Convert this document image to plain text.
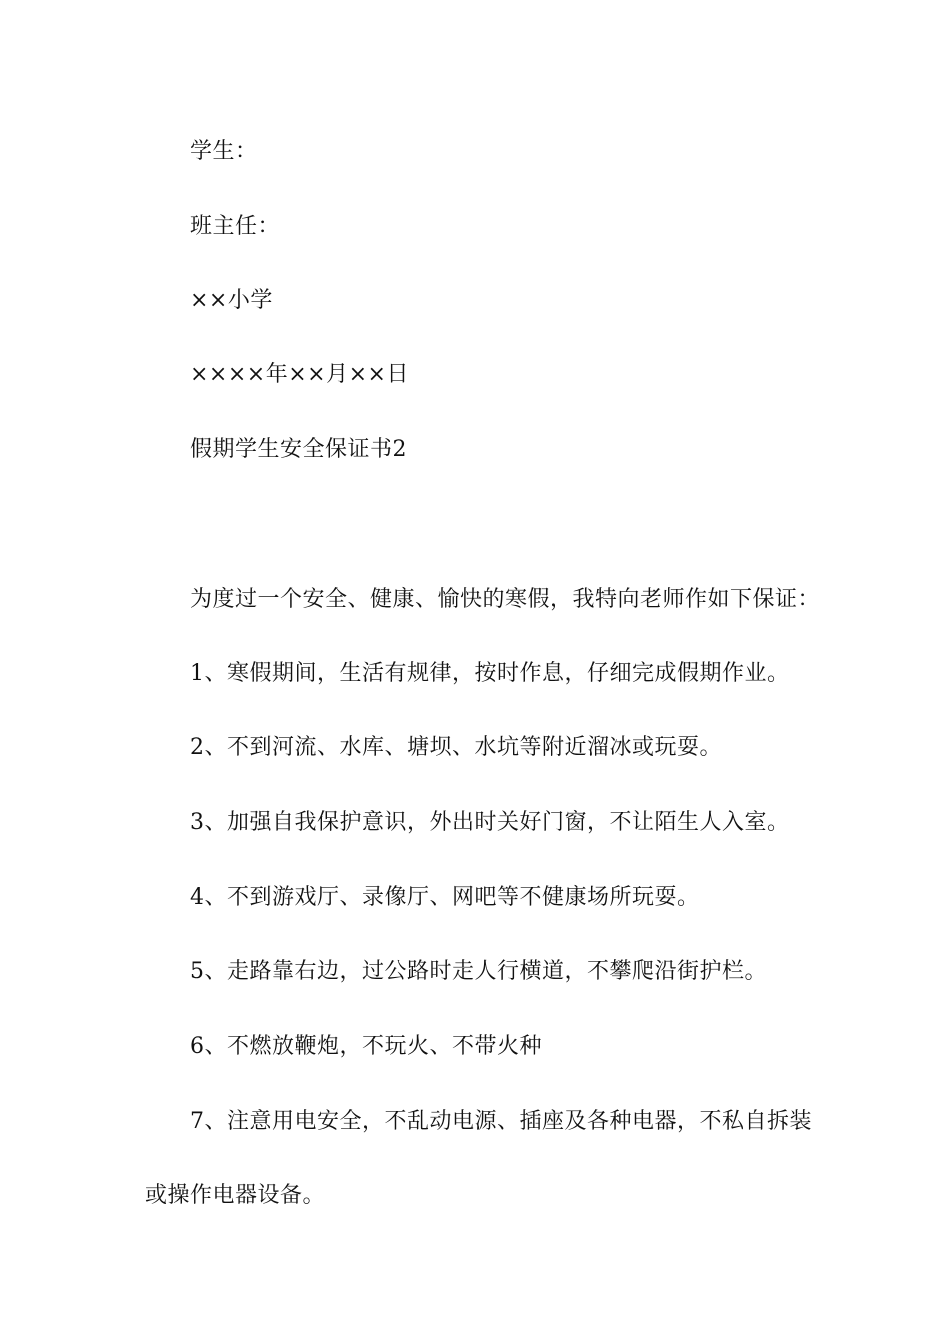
学生：
班主任：
××小学
××××年××月××日
假期学生安全保证书2
为度过一个安全、健康、愉快的寒假，我特向老师作如下保证：
1、寒假期间，生活有规律，按时作息，仔细完成假期作业。
2、不到河流、水库、塘坝、水坑等附近溜冰或玩耍。
3、加强自我保护意识，外出时关好门窗，不让陌生人入室。
4、不到游戏厅、录像厅、网吧等不健康场所玩耍。
5、走路靠右边，过公路时走人行横道，不攀爬沿街护栏。
6、不燃放鞭炮，不玩火、不带火种
7、注意用电安全，不乱动电源、插座及各种电器，不私自拆装
或操作电器设备。
